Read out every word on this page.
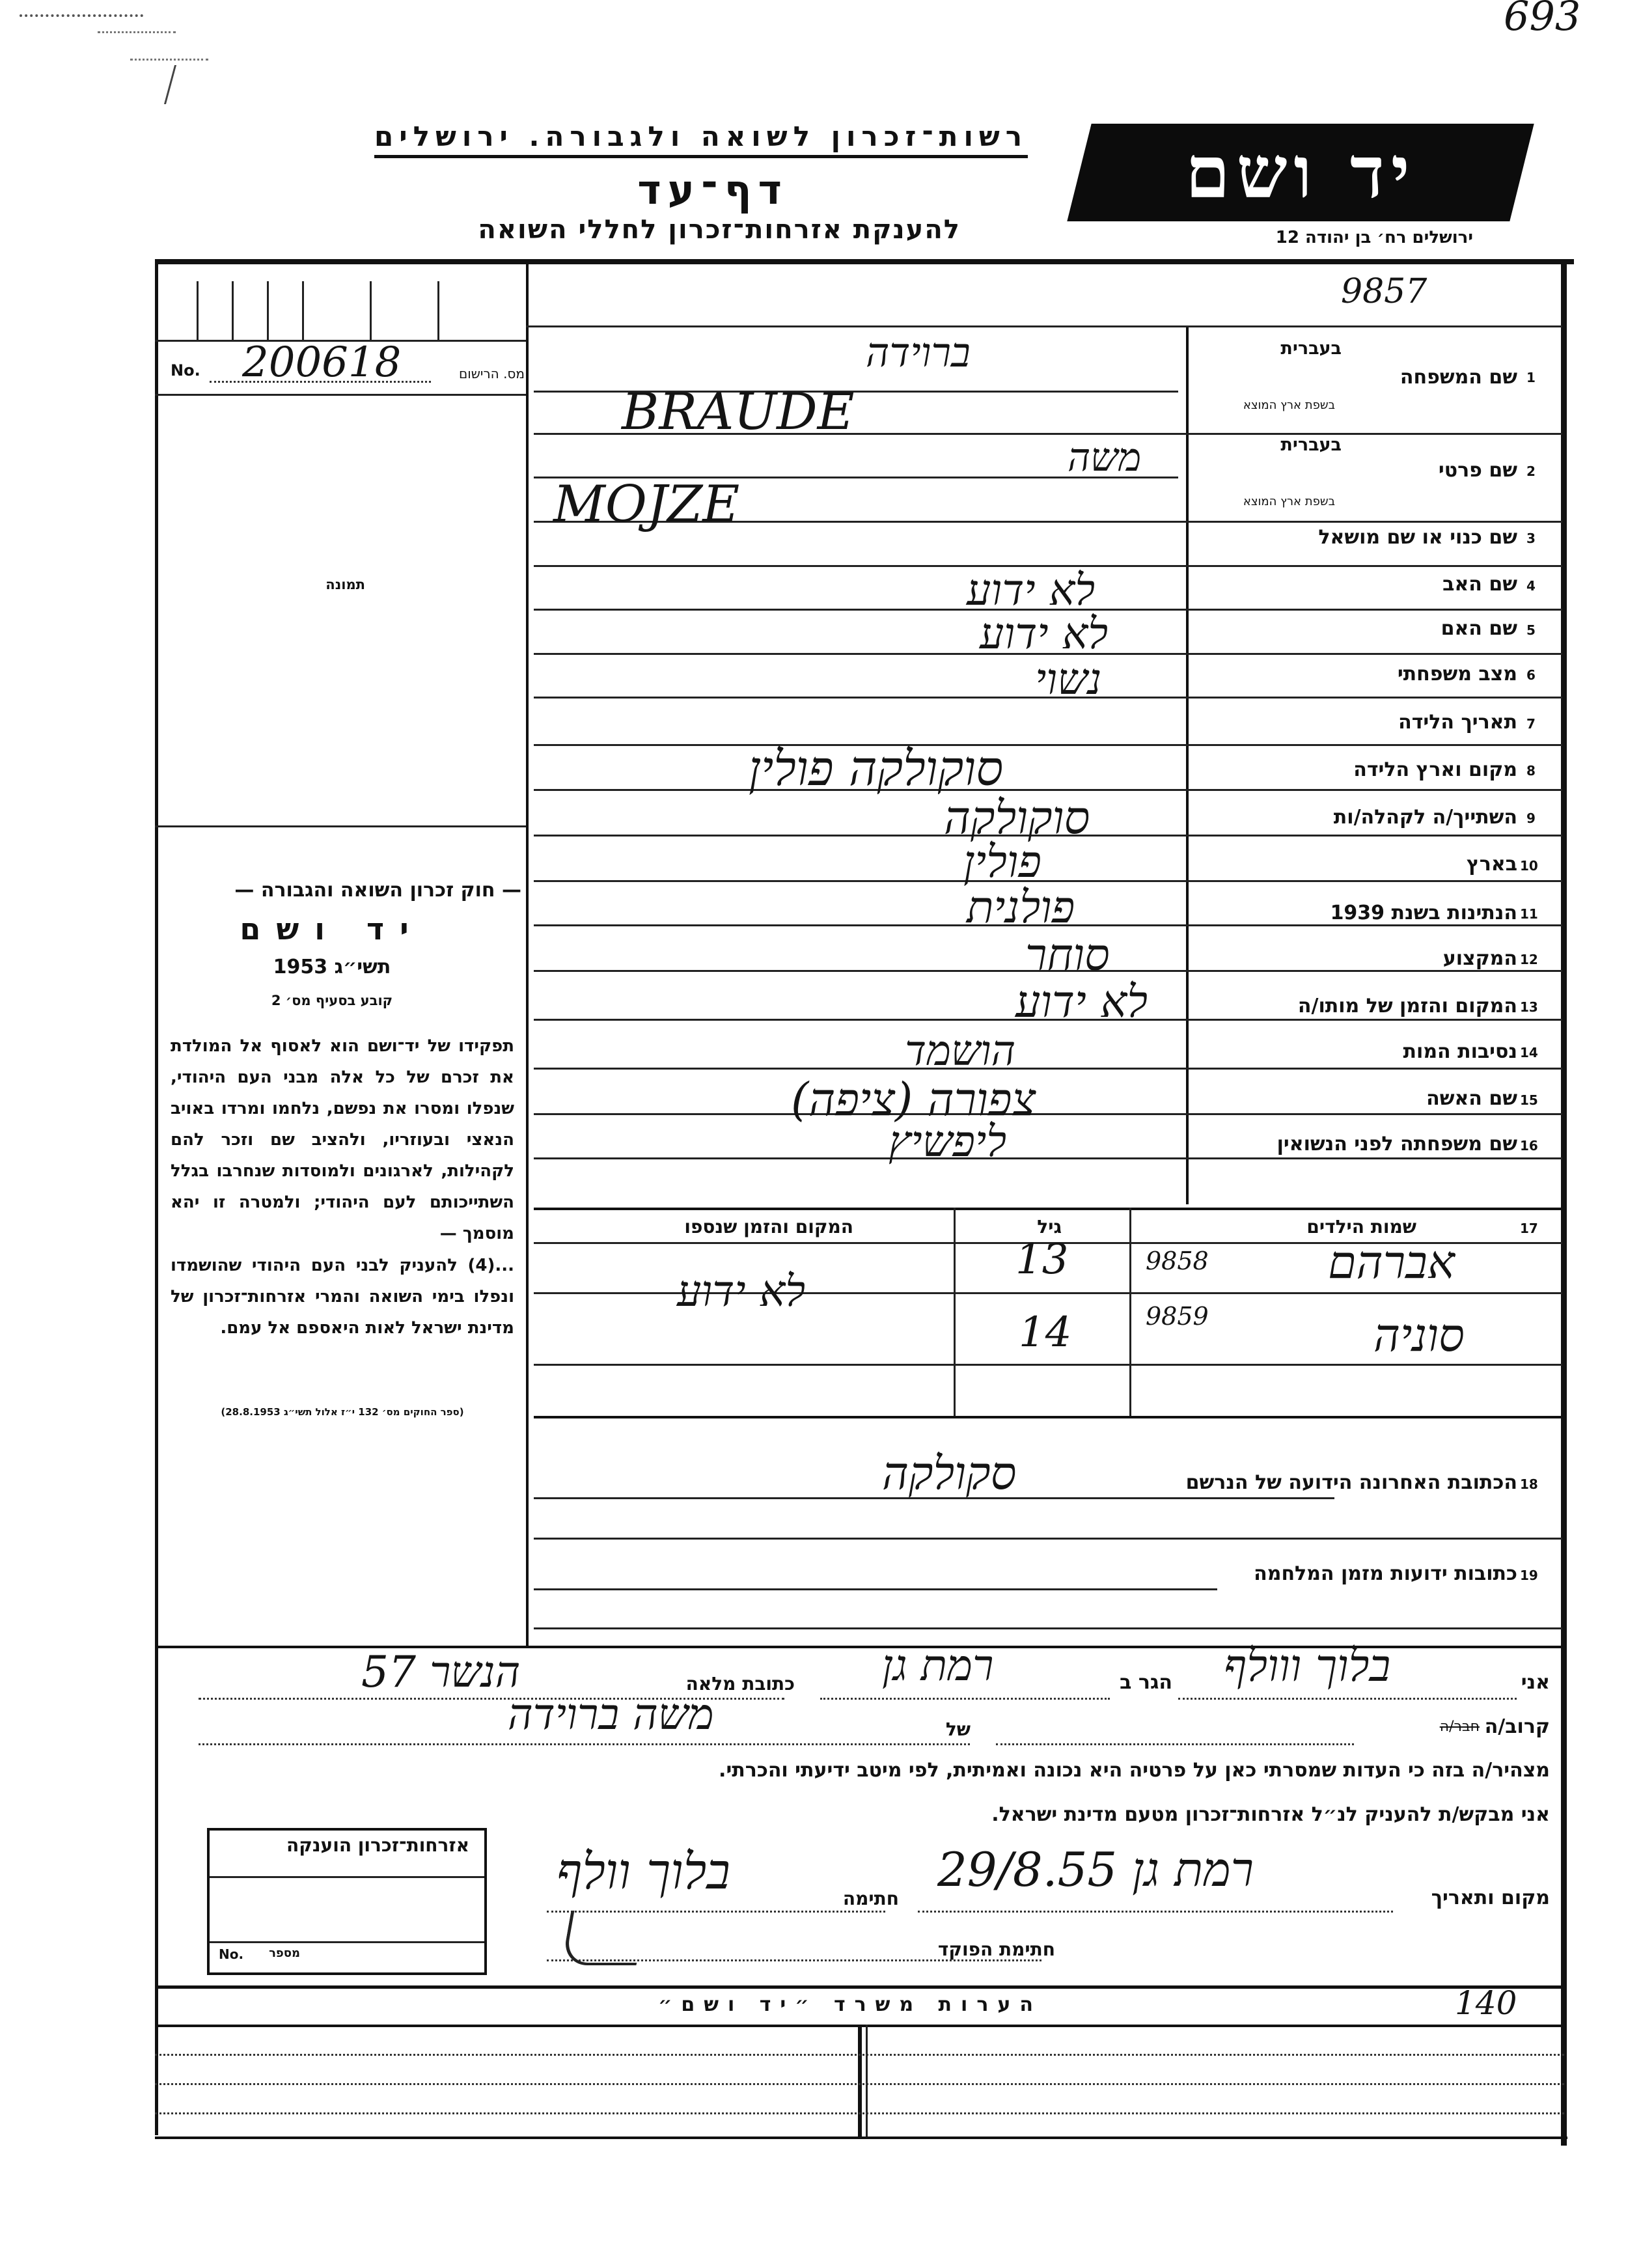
693
רשות־זכרון לשואה ולגבורה. ירושלים
דף־עד
להענקת אזרחות־זכרון לחללי השואה
יד ושם
ירושלים רח׳ בן יהודה 12
9857
No. 200618	מס. הרישום
תמונה
1
שם המשפחה
בעברית
בשפת ארץ המוצא
ברוידה
BRAUDE
2
שם פרטי
בעברית
בשפת ארץ המוצא
משה
MOJZE
3
שם כנוי או שם מושאל
4
שם האב
לא ידוע
5
שם האם
לא ידוע
6
מצב משפחתי
נשוי
7
תאריך הלידה
8
מקום וארץ הלידה
סוקולקה פולין
9
השתייך/ה לקהלה/ות
סוקולקה
10
בארץ
פולין
11
הנתינות בשנת 1939
פולנית
12
המקצוע
סוחר
13
המקום והזמן של מותו/ה
לא ידוע
14
נסיבות המות
הושמד
15
שם האשה
צפורה (ציפה)
16
שם משפחתה לפני הנשואין
ליפשיץ
— חוק זכרון השואה והגבורה —
יד ושם
תשי״ג 1953
קובע בסעיף מס׳ 2
תפקידו של יד־ושם הוא לאסוף אל המולדת את זכרם של כל אלה מבני העם היהודי, שנפלו ומסרו את נפשם, נלחמו ומרדו באויב הנאצי ובעוזריו, ולהציב שם וזכר להם לקהילות, לארגונים ולמוסדות שנחרבו בגלל השתייכותם לעם היהודי; ולמטרה זו יהא מוסמך —
...(4) להעניק לבני העם היהודי שהושמדו ונפלו בימי השואה והמרי אזרחות־זכרון של מדינת ישראל לאות היאספם אל עמם.
(ספר החוקים מס׳ 132 י״ז אלול תשי״ג 28.8.1953)
17
שמות הילדים
גיל
המקום והזמן שנספו
אברהם
9858
13
לא ידוע
סוניה
9859
14
18
הכתובת האחרונה הידועה של הנרשם
סקולקה
19
כתובות ידועות מזמן המלחמה
אני
בלוך ווולף
הגר ב
רמת גן
כתובת מלאה
הנשר 57
קרוב/ה
חבר/ה
של
משה ברוידה
מצהיר/ה בזה כי העדות שמסרתי כאן על פרטיה היא נכונה ואמיתית, לפי מיטב ידיעתי והכרתי.
אני מבקש/ת להעניק לנ״ל אזרחות־זכרון מטעם מדינת ישראל.
אזרחות־זכרון הוענקה
No. מספר
מקום ותאריך
רמת גן 29/8.55
חתימה
בלוך וולף
חתימת הפוקד
הערות משרד ״יד ושם״	140
